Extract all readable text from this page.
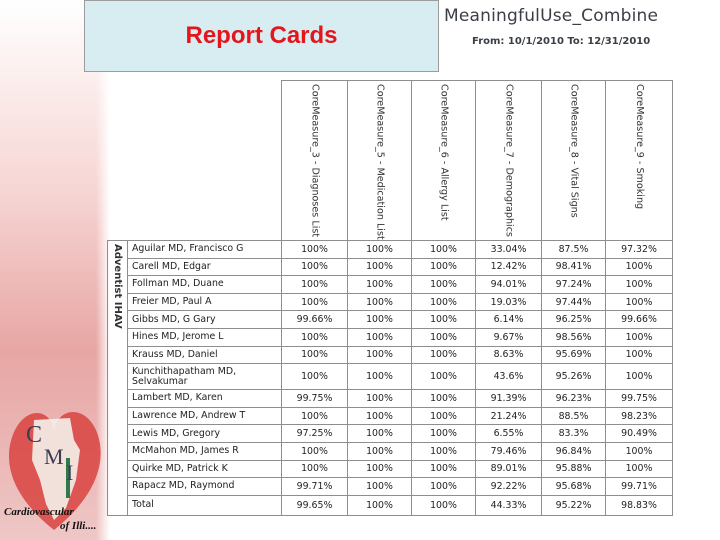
C
M
I
Cardiovascular
of Illi....
Report Cards
MeaningfulUse_Combine
From: 10/1/2010 To: 12/31/2010

		CoreMeasure_3 - Diagnoses List	CoreMeasure_5 - Medication List	CoreMeasure_6 - Allergy List	CoreMeasure_7 - Demographics	CoreMeasure_8 - Vital Signs	CoreMeasure_9 - Smoking

Adventist IHAV	Aguilar MD, Francisco G	100%	100%	100%	33.04%	87.5%	97.32%
	Carell MD, Edgar	100%	100%	100%	12.42%	98.41%	100%
	Follman MD, Duane	100%	100%	100%	94.01%	97.24%	100%
	Freier MD, Paul A	100%	100%	100%	19.03%	97.44%	100%
	Gibbs MD, G Gary	99.66%	100%	100%	6.14%	96.25%	99.66%
	Hines MD, Jerome L	100%	100%	100%	9.67%	98.56%	100%
	Krauss MD, Daniel	100%	100%	100%	8.63%	95.69%	100%
	Kunchithapatham MD, Selvakumar	100%	100%	100%	43.6%	95.26%	100%
	Lambert MD, Karen	99.75%	100%	100%	91.39%	96.23%	99.75%
	Lawrence MD, Andrew T	100%	100%	100%	21.24%	88.5%	98.23%
	Lewis MD, Gregory	97.25%	100%	100%	6.55%	83.3%	90.49%
	McMahon MD, James R	100%	100%	100%	79.46%	96.84%	100%
	Quirke MD, Patrick K	100%	100%	100%	89.01%	95.88%	100%
	Rapacz MD, Raymond	99.71%	100%	100%	92.22%	95.68%	99.71%
	Total	99.65%	100%	100%	44.33%	95.22%	98.83%
